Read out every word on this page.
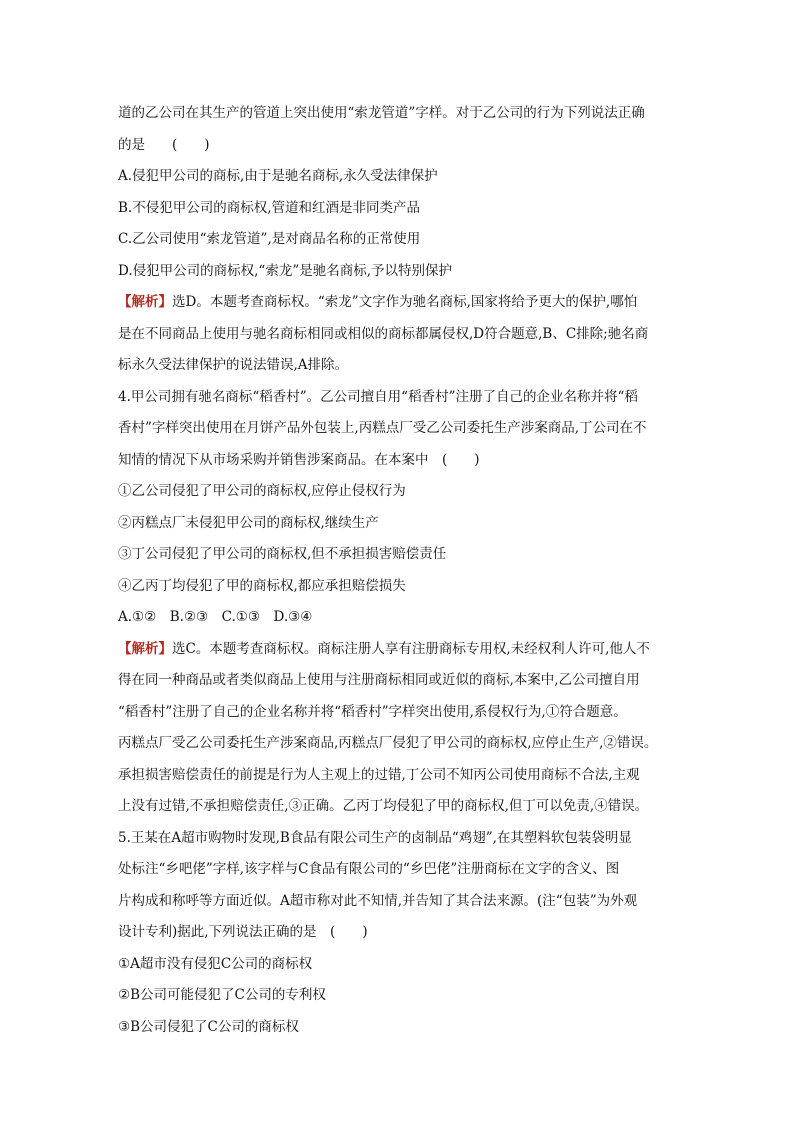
道的乙公司在其生产的管道上突出使用“索龙管道”字样。对于乙公司的行为下列说法正确

的是　　(　　)

A.侵犯甲公司的商标,由于是驰名商标,永久受法律保护

B.不侵犯甲公司的商标权,管道和红酒是非同类产品

C.乙公司使用“索龙管道”,是对商品名称的正常使用

D.侵犯甲公司的商标权,“索龙”是驰名商标,予以特别保护

【解析】选D。本题考查商标权。“索龙”文字作为驰名商标,国家将给予更大的保护,哪怕

是在不同商品上使用与驰名商标相同或相似的商标都属侵权,D符合题意,B、C排除;驰名商

标永久受法律保护的说法错误,A排除。

4.甲公司拥有驰名商标“稻香村”。乙公司擅自用“稻香村”注册了自己的企业名称并将“稻

香村”字样突出使用在月饼产品外包装上,丙糕点厂受乙公司委托生产涉案商品,丁公司在不

知情的情况下从市场采购并销售涉案商品。在本案中　(　　)

①乙公司侵犯了甲公司的商标权,应停止侵权行为

②丙糕点厂未侵犯甲公司的商标权,继续生产

③丁公司侵犯了甲公司的商标权,但不承担损害赔偿责任

④乙丙丁均侵犯了甲的商标权,都应承担赔偿损失

A.①②　B.②③　C.①③　D.③④

【解析】选C。本题考查商标权。商标注册人享有注册商标专用权,未经权利人许可,他人不

得在同一种商品或者类似商品上使用与注册商标相同或近似的商标,本案中,乙公司擅自用

“稻香村”注册了自己的企业名称并将“稻香村”字样突出使用,系侵权行为,①符合题意。

丙糕点厂受乙公司委托生产涉案商品,丙糕点厂侵犯了甲公司的商标权,应停止生产,②错误。

承担损害赔偿责任的前提是行为人主观上的过错,丁公司不知丙公司使用商标不合法,主观

上没有过错,不承担赔偿责任,③正确。乙丙丁均侵犯了甲的商标权,但丁可以免责,④错误。

5.王某在A超市购物时发现,B食品有限公司生产的卤制品“鸡翅”,在其塑料软包装袋明显

处标注“乡吧佬”字样,该字样与C食品有限公司的“乡巴佬”注册商标在文字的含义、图

片构成和称呼等方面近似。A超市称对此不知情,并告知了其合法来源。(注“包装”为外观

设计专利)据此,下列说法正确的是　(　　)

①A超市没有侵犯C公司的商标权

②B公司可能侵犯了C公司的专利权

③B公司侵犯了C公司的商标权
